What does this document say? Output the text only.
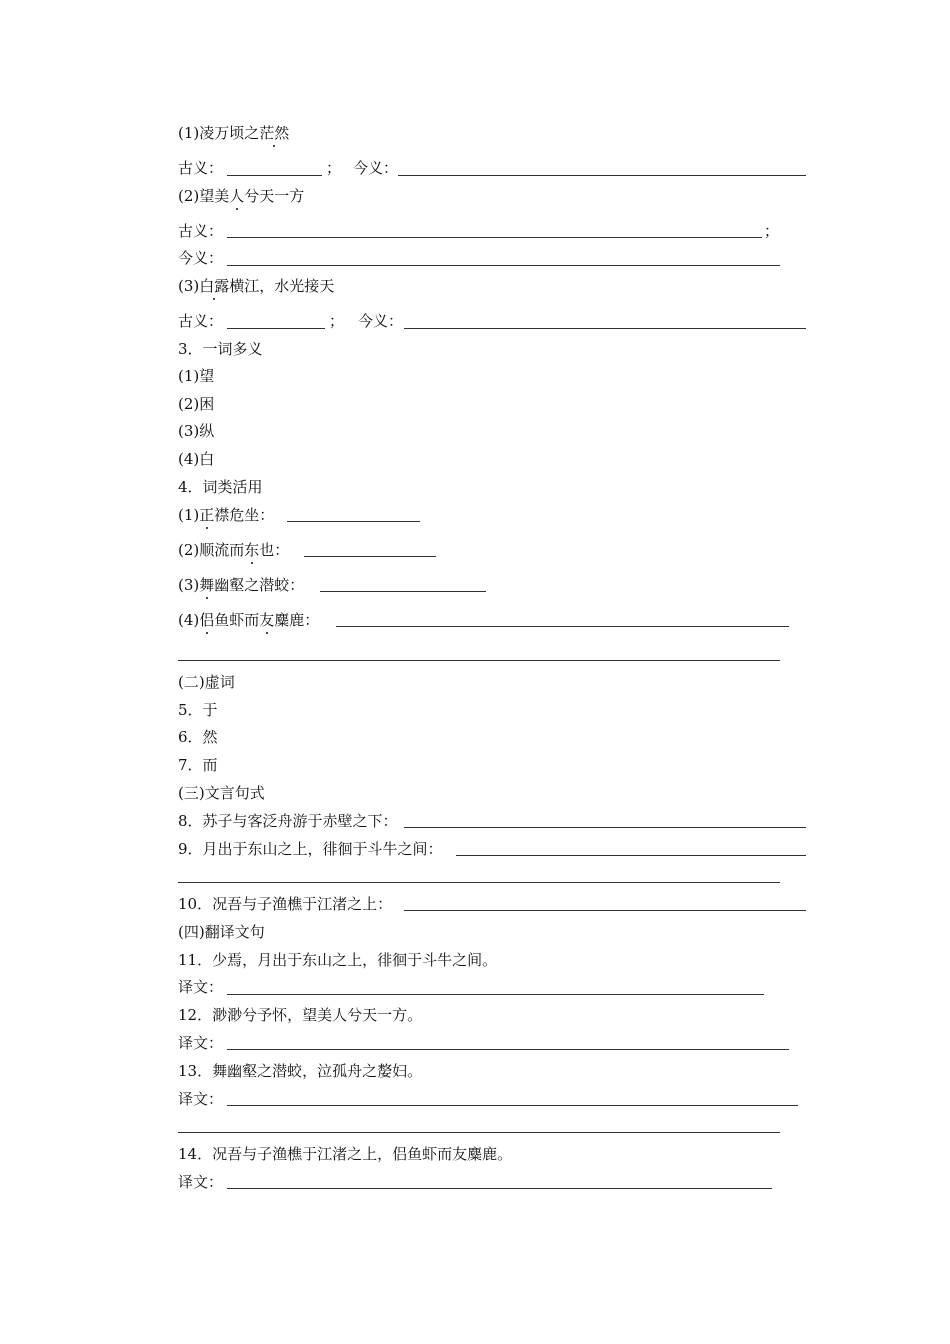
(1)凌万顷之茫然
古义：	； 今义：
(2)望美人兮天一方
古义：	；
今义：
(3)白露横江，水光接天
古义：	； 今义：
3．一词多义
(1)望
(2)困
(3)纵
(4)白
4．词类活用
(1)正襟危坐：
(2)顺流而东也：
(3)舞幽壑之潜蛟：
(4)侣鱼虾而友麋鹿：
(二)虚词
5．于
6．然
7．而
(三)文言句式
8．苏子与客泛舟游于赤壁之下：
9．月出于东山之上，徘徊于斗牛之间：
10．况吾与子渔樵于江渚之上：
(四)翻译文句
11．少焉，月出于东山之上，徘徊于斗牛之间。
译文：
12．渺渺兮予怀，望美人兮天一方。
译文：
13．舞幽壑之潜蛟，泣孤舟之嫠妇。
译文：
14．况吾与子渔樵于江渚之上，侣鱼虾而友麋鹿。
译文：
